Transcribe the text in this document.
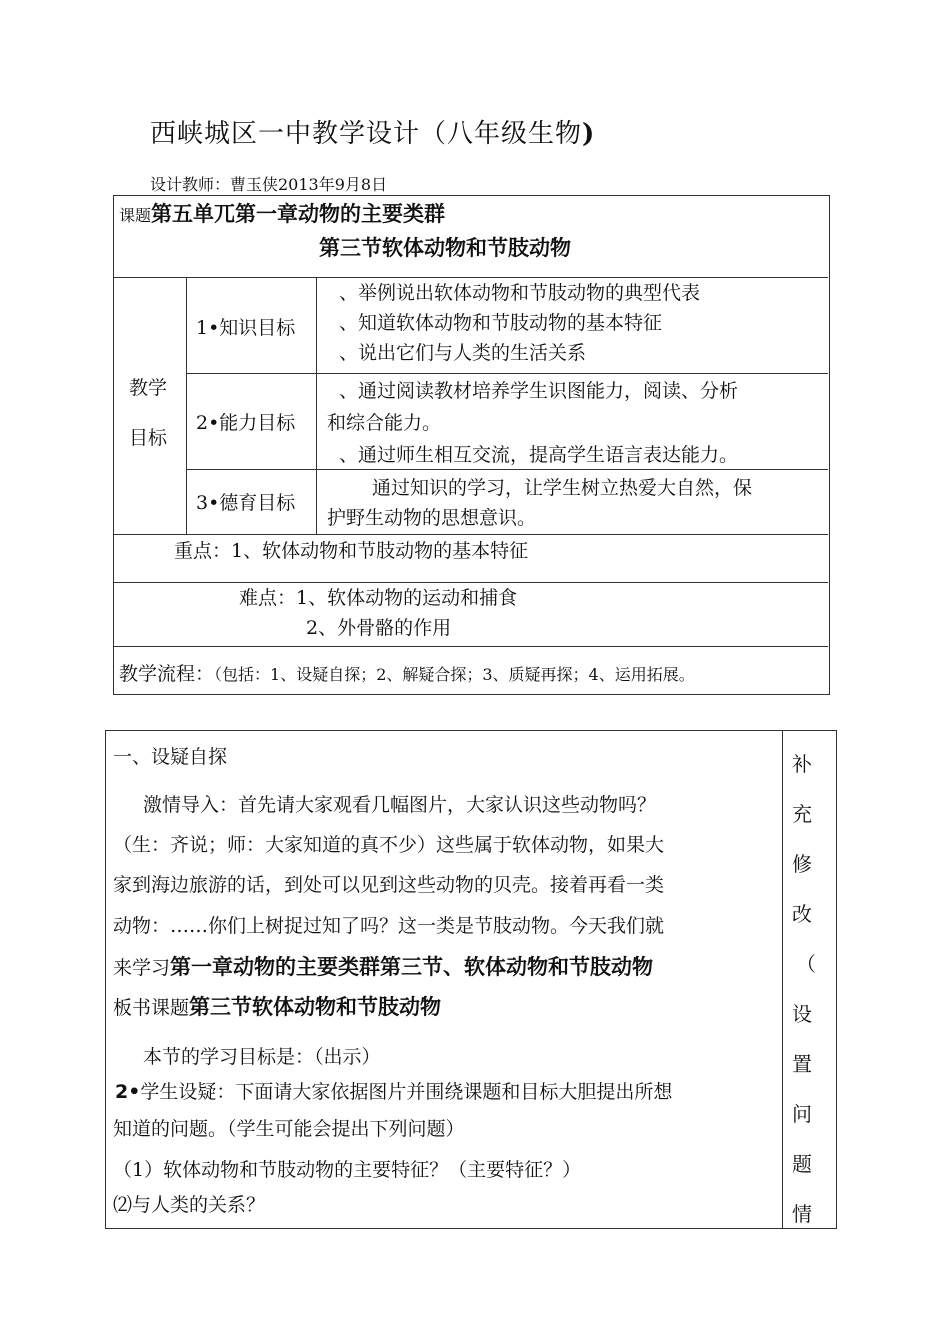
西峡城区一中教学设计（八年级生物)
设计教师：曹玉侠2013年9月8日
课题第五单兀第一章动物的主要类群
第三节软体动物和节肢动物
教学
目标
1•知识目标
、举例说出软体动物和节肢动物的典型代表
、知道软体动物和节肢动物的基本特征
、说出它们与人类的生活关系
2•能力目标
、通过阅读教材培养学生识图能力，阅读、分析
和综合能力。
、通过师生相互交流，提高学生语言表达能力。
3•德育目标
通过知识的学习，让学生树立热爱大自然，保
护野生动物的思想意识。
重点：1、软体动物和节肢动物的基本特征
难点：1、软体动物的运动和捕食
2、外骨骼的作用
教学流程：（包括：1、设疑自探；2、解疑合探；3、质疑再探；4、运用拓展。
一、设疑自探
激情导入：首先请大家观看几幅图片，大家认识这些动物吗？
（生：齐说；师：大家知道的真不少）这些属于软体动物，如果大
家到海边旅游的话，到处可以见到这些动物的贝壳。接着再看一类
动物：……你们上树捉过知了吗？这一类是节肢动物。今天我们就
来学习第一章动物的主要类群第三节、软体动物和节肢动物
板书课题第三节软体动物和节肢动物
本节的学习目标是：（出示）
2•学生设疑：下面请大家依据图片并围绕课题和目标大胆提出所想
知道的问题。（学生可能会提出下列问题）
（1）软体动物和节肢动物的主要特征？（主要特征？）
⑵与人类的关系？
补
充
修
改
（
设
置
问
题
情
